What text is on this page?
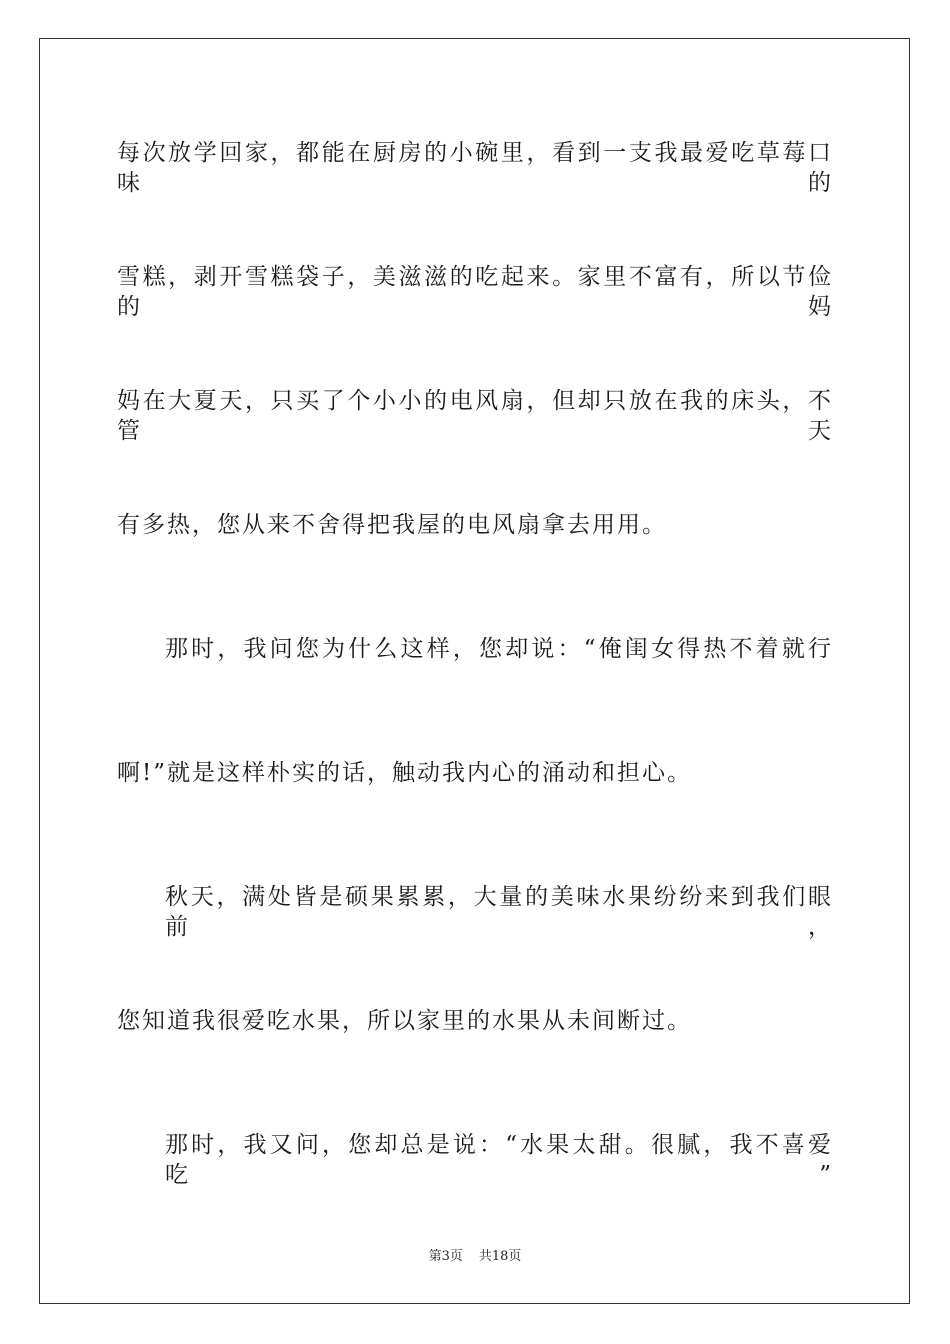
每次放学回家，都能在厨房的小碗里，看到一支我最爱吃草莓口味的
雪糕，剥开雪糕袋子，美滋滋的吃起来。家里不富有，所以节俭的妈
妈在大夏天，只买了个小小的电风扇，但却只放在我的床头，不管天
有多热，您从来不舍得把我屋的电风扇拿去用用。
那时，我问您为什么这样，您却说：“俺闺女得热不着就行
啊!”就是这样朴实的话，触动我内心的涌动和担心。
秋天，满处皆是硕果累累，大量的美味水果纷纷来到我们眼前，
您知道我很爱吃水果，所以家里的水果从未间断过。
那时，我又问，您却总是说：“水果太甜。很腻，我不喜爱吃”
第3页 共18页
